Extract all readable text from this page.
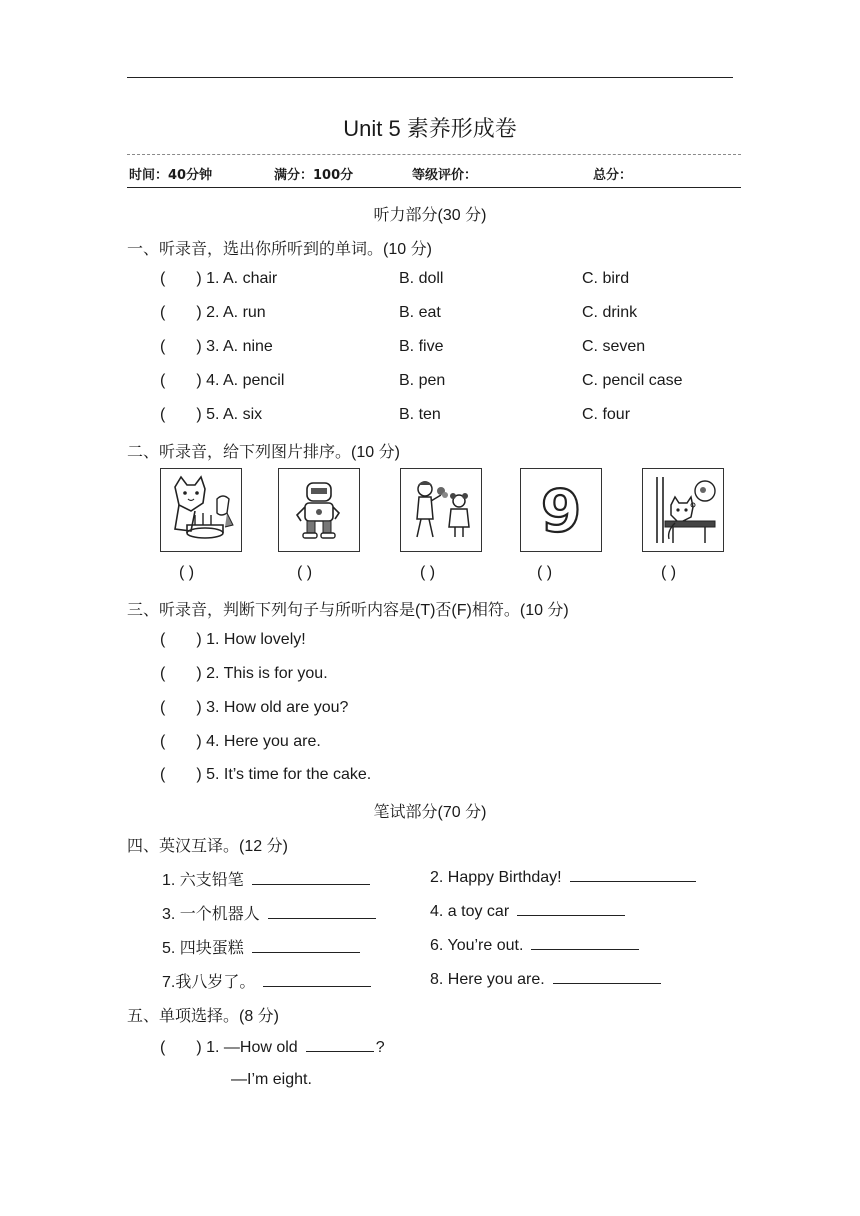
Unit 5 素养形成卷
时间：40分钟	满分：100分	等级评价：	总分：
听力部分(30 分)
一、听录音，选出你所听到的单词。(10 分)
( ) 1. A. chair	B. doll	C. bird
( ) 2. A. run	B. eat	C. drink
( ) 3. A. nine	B. five	C. seven
( ) 4. A. pencil	B. pen	C. pencil case
( ) 5. A. six	B. ten	C. four
二、听录音，给下列图片排序。(10 分)
9
( )	( )	( )	( )	( )
三、听录音，判断下列句子与所听内容是(T)否(F)相符。(10 分)
( ) 1. How lovely!
( ) 2. This is for you.
( ) 3. How old are you?
( ) 4. Here you are.
( ) 5. It’s time for the cake.
笔试部分(70 分)
四、英汉互译。(12 分)
1. 六支铅笔	2. Happy Birthday!
3. 一个机器人	4. a toy car
5. 四块蛋糕	6. You’re out.
7.我八岁了。	8. Here you are.
五、单项选择。(8 分)
( ) 1. —How old	?
—I’m eight.
